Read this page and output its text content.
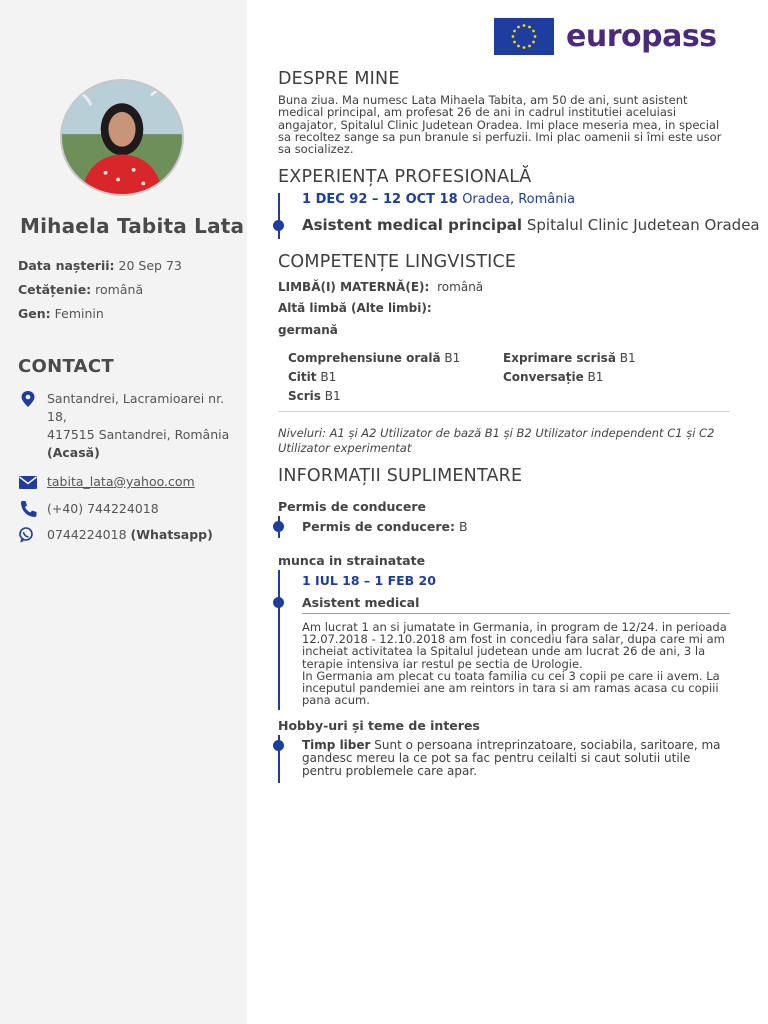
Mihaela Tabita Lata
Data nașterii: 20 Sep 73
Cetățenie: română
Gen: Feminin
CONTACT
Santandrei, Lacramioarei nr. 18,
417515 Santandrei, România
(Acasă)
tabita_lata@yahoo.com
(+40) 744224018
0744224018 (Whatsapp)
europass
DESPRE MINE
Buna ziua. Ma numesc Lata Mihaela Tabita, am 50 de ani, sunt asistent medical principal, am profesat 26 de ani in cadrul institutiei aceluiasi angajator, Spitalul Clinic Judetean Oradea. Imi place meseria mea, in special sa recoltez sange sa pun branule si perfuzii. Imi plac oamenii si îmi este usor sa socializez.
EXPERIENȚA PROFESIONALĂ
1 DEC 92 – 12 OCT 18 Oradea, România
Asistent medical principal Spitalul Clinic Judetean Oradea
COMPETENȚE LINGVISTICE
LIMBĂ(I) MATERNĂ(E): română
Altă limbă (Alte limbi):
germană
Comprehensiune orală B1
Citit B1
Scris B1
Exprimare scrisă B1
Conversație B1
Niveluri: A1 și A2 Utilizator de bază B1 și B2 Utilizator independent C1 și C2 Utilizator experimentat
INFORMAȚII SUPLIMENTARE
Permis de conducere
Permis de conducere: B
munca in strainatate
1 IUL 18 – 1 FEB 20
Asistent medical
Am lucrat 1 an si jumatate in Germania, in program de 12/24. in perioada 12.07.2018 - 12.10.2018 am fost in concediu fara salar, dupa care mi am incheiat activitatea la Spitalul judetean unde am lucrat 26 de ani, 3 la terapie intensiva iar restul pe sectia de Urologie.
In Germania am plecat cu toata familia cu cei 3 copii pe care ii avem. La inceputul pandemiei ane am reintors in tara si am ramas acasa cu copiii pana acum.
Hobby-uri și teme de interes
Timp liber Sunt o persoana intreprinzatoare, sociabila, saritoare, ma gandesc mereu la ce pot sa fac pentru ceilalti si caut solutii utile pentru problemele care apar.
